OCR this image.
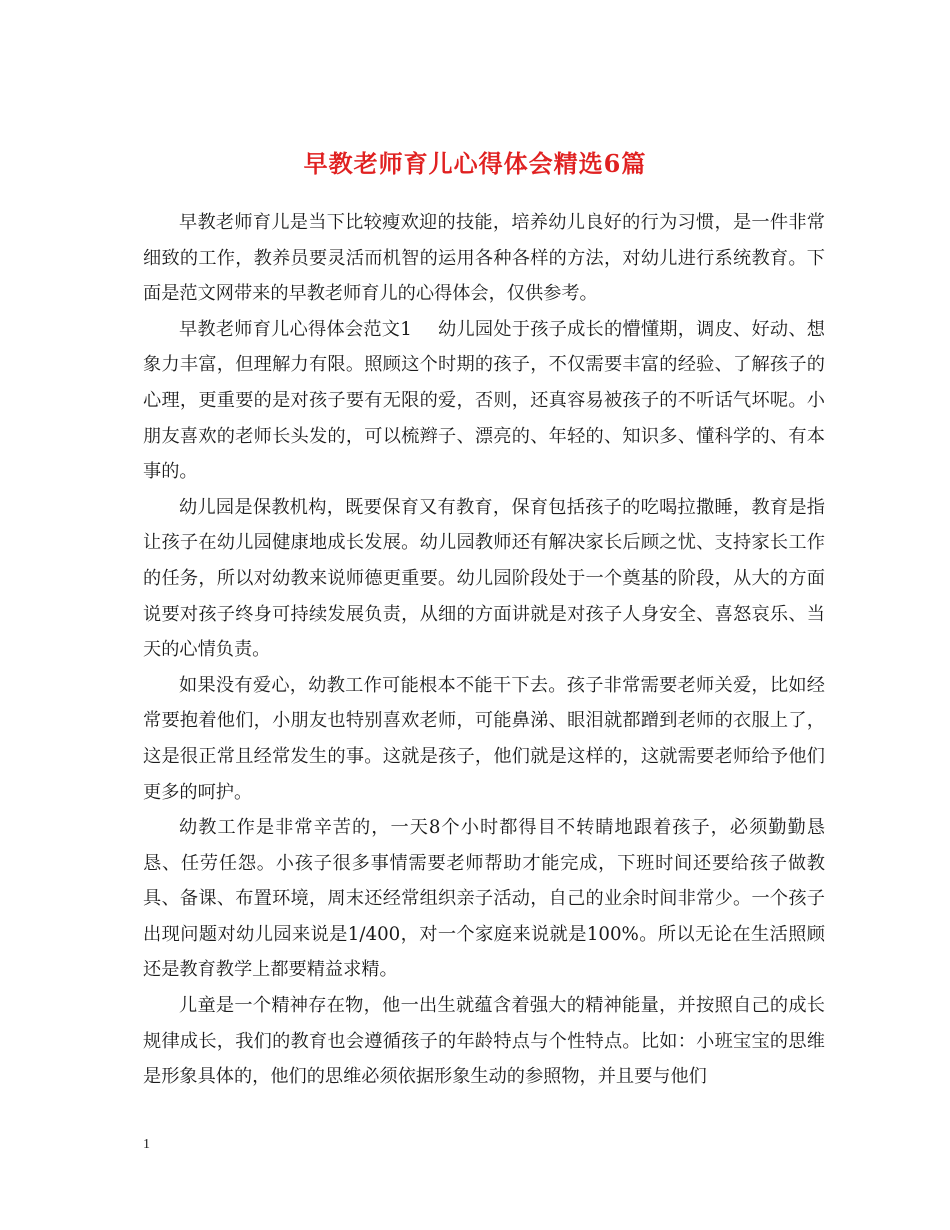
早教老师育儿心得体会精选6篇

早教老师育儿是当下比较瘦欢迎的技能，培养幼儿良好的行为习惯，是一件非常细致的工作，教养员要灵活而机智的运用各种各样的方法，对幼儿进行系统教育。下面是范文网带来的早教老师育儿的心得体会，仅供参考。

早教老师育儿心得体会范文1 幼儿园处于孩子成长的懵懂期，调皮、好动、想象力丰富，但理解力有限。照顾这个时期的孩子，不仅需要丰富的经验、了解孩子的心理，更重要的是对孩子要有无限的爱，否则，还真容易被孩子的不听话气坏呢。小朋友喜欢的老师长头发的，可以梳辫子、漂亮的、年轻的、知识多、懂科学的、有本事的。

幼儿园是保教机构，既要保育又有教育，保育包括孩子的吃喝拉撒睡，教育是指让孩子在幼儿园健康地成长发展。幼儿园教师还有解决家长后顾之忧、支持家长工作的任务，所以对幼教来说师德更重要。幼儿园阶段处于一个奠基的阶段，从大的方面说要对孩子终身可持续发展负责，从细的方面讲就是对孩子人身安全、喜怒哀乐、当天的心情负责。

如果没有爱心，幼教工作可能根本不能干下去。孩子非常需要老师关爱，比如经常要抱着他们，小朋友也特别喜欢老师，可能鼻涕、眼泪就都蹭到老师的衣服上了，这是很正常且经常发生的事。这就是孩子，他们就是这样的，这就需要老师给予他们更多的呵护。

幼教工作是非常辛苦的，一天8个小时都得目不转睛地跟着孩子，必须勤勤恳恳、任劳任怨。小孩子很多事情需要老师帮助才能完成，下班时间还要给孩子做教具、备课、布置环境，周末还经常组织亲子活动，自己的业余时间非常少。一个孩子出现问题对幼儿园来说是1/400，对一个家庭来说就是100%。所以无论在生活照顾还是教育教学上都要精益求精。

儿童是一个精神存在物，他一出生就蕴含着强大的精神能量，并按照自己的成长规律成长，我们的教育也会遵循孩子的年龄特点与个性特点。比如：小班宝宝的思维是形象具体的，他们的思维必须依据形象生动的参照物，并且要与他们

1
